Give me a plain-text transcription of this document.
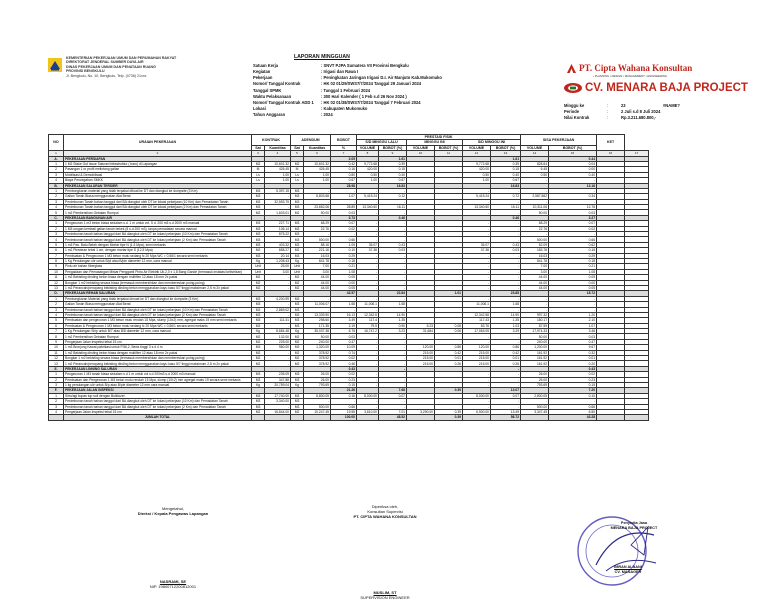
KEMENTERIAN PEKERJAAN UMUM DAN PERUMAHAN RAKYAT
DIREKTORAT JENDERAL SUMBER DAYA AIR
DINAS PEKERJAAN UMUM DAN PENATAAN RUANG
PROVINSI BENGKULU
Jl. Bengkulu, No. 10, Bengkulu, Telp. (0736) 21xxx
LAPORAN MINGGUAN
Satuan Kerja	: SNVT PJPA Sumatera VII Provinsi Bengkulu
Kegiatan	: Irigasi dan Rawa I
Pekerjaan	: Peningkatan Jaringan Irigasi D.I. Air Manjuto Kab.Mukomuko
Nomor/ Tanggal Kontrak	: HK 02 01/29/SWS7/7/2024 Tanggal 29 Januari 2024
Tanggal SPMK	: Tanggal 1 Februari 2024
Waktu Pelaksanaan	: 300 Hari Kalender ( 1 Feb s.d 26 Nov 2024 )
Nomor/ Tanggal Kontrak ADD 1	: HK 02 01/38/SWS7/7/2024 Tanggal 7 Februari 2024
Lokasi	: Kabupaten Mukomuko
Tahun Anggaran	: 2024
PT. Cipta Wahana Konsultan
• PLANNING • DESIGN • MANAGEMENT • ENGINEERING
CV. MENARA BAJA PROJECT
Minggu ke	:	23	#NAME?
Periode	:	2 Juli s.d 8 Juli 2024
Nilai Kontrak	:	Rp.3.211.680.800,-
NO	URAIAN PEKERJAAN	KONTRAK		ADENDUM		BOBOT	PRESTASI FISIK						SISA PEKERJAAN		KET	
							S/D MINGGU LALU		MINGGU INI		S/D MINGGU INI					
		Sat	Kuantitas	Sat	Kuantitas	%	VOLUME	BOBOT (%)	VOLUME	BOBOT (%)	VOLUME	BOBOT (%)	VOLUME	BOBOT (%)		
1	2	3	4	5	6	7	8	9	10	11	12	13	14	15	16	17
A.	PEKERJAAN PERSIAPAN					2.05		1.61				1.61		0.44		
1	1 M2 Stake Out Issue Saluran/Infrastruktur ( baru) di Lapangan	M2	10,601.32	M2	10,601.32	0.42	9,772.68	0.39			9,772.68	0.39	828.64	0.04		
2	Pasangan 1 m profil melintang galian	M	426.45	M	426.45	0.16	420.00	0.15			420.00	0.15	6.45	0.00		
3	Mobilisasi & Demobilisasi	Ls	1.00	Ls	1.00	0.80	0.50	0.40			0.50	0.40	0.50	0.40		
4	Biaya Pencegahan SMKK	Ls	1.00	Ls	1.00	0.67	1.00	0.67			1.00	0.67	-	-		
B.	PEKERJAAN SALURAN TERSIER					28.98		16.83				16.83		13.16		
1	Pembongkaran material yang tidak terpakai dibuat ke DT dan diangkut ke dumpsite (3 Km)	M3	5,397.15	M3	-	-	-	-			-	-	-	-		
2	Galian Tanah Biasa menggunakan Alat Berat	M3	-	M3	8,803.68	1.07	5,415.24	0.12			5,415.24	0.72	2,587,562	0.34		
3	Penimbunan Tanah bahan tanggul dari BA diangkut oleh DT ke lokasi pekerjaan (10 Km) dan Pemadatan Tanah	M3	32,553.79	M3	-	-	-	-			-	-	-	-		
4	Penimbunan Tanah bahan tanggul dari BA diangkut oleh DT ke lokasi pekerjaan (2 Km) dan Pemadatan Tanah	M3	-	M3	23,652.06	28.89	13,340.60	16.11			13,340.60	16.11	10,311.06	12.76		
5	1 m2 Pembersihan Gebalan Rumput	M2	1,603.01	M2	50.00	0.03	-	-			-	-	50.00	0.03		
C.	PEKERJAAN BANGUNAN AIR					3.73		0.46				0.46		3.27		
1	Pengecoran 1 m3 beton biasa sedalam s.d. 1 m untuk vol. 5 d. 200 m3 s.d 2000 m3 manual	M3	227.71	M3	68.29	0.07	-	-			-	-	68.29	0.07		
2	1 M3 urugan kembali galian tanah bekek (8 s.d 200 m3), tanpa pemadatan secara manual	M3	106.14	M3	22.76	0.02	-	-			-	-	22.76	0.02		
3	Penimbunan tanah bahan tanggul dari BA diangkut oleh DT ke lokasi pekerjaan (10 Km) dan Pemadatan Tanah	M3	875.22	M3	-	-	-	-			-	-	-	-		
4	Penimbunan tanah bahan tanggul dari BA diangkut oleh DT ke lokasi pekerjaan (2 Km) dan Pemadatan Tanah	M3	-	M3	500.00	0.66	-	-			-	-	500.00	0.66		
5	1 m3 Pas. Batu Belah dengan Mortar tipe N (1:3 Mpa), semi mekanis	M3	403.32	M3	88.16	1.05	36.07	0.43			36.07	0.43	52.09	0.62		
6	1 m2 Plesteran tebal 1 cm, dengan mortar tipe S (12,5 Mpa)	M2	858.27	M2	221.16	0.10	37.38	0.03			37.38	0.03	183.78	0.16		
7	Pembuatan & Pengecoran 1 M3 beton mutu sedang fc 20 Mpa WC = 0,56/1 secara semi mekanis	M3	20.14	M3	16.03	0.29	-	-			-	-	16.03	0.29		
8	1 Kg Penulangan ulir untuk B/pl atau B/ple diameter 12 mm, cara manual	Kg	1,208.43	Kg	841.78	0.18	-	-			-	-	841.78	0.18		
9	Pintu air bahan fiberglass	Unit	25.00	Unit	7.00	0.21	-	-			-	-	7.00	0.21		
10	Pengadaan dan Pemasangan Mistar Pengganti Pintu Air Elektrik Uk.2,0 x 1,8 Bang Gande (termasuk instalasi kelistrikan)	Unit	3.00	Unit	3.00	1.08	-	-			-	-	3.00	1.08		
11	1 m2 Bekisting dinding beton biasa dengan multiflex 12 atau 18 mm 2x pakai	M2	-	M2	44.00	0.05	-	-			-	-	44.00	0.05		
12	Bongkar 1 m2 bekisting secara biasa (termasuk membersihkan dan membereskan puing-puing)	M2	-	M2	44.00	0.00	-	-			-	-	44.00	0.00		
13	1 m2 Perancah/penopang bekisting dinding beton menggunakan kayu kaso 5/7 tinggi maksimum 2,5 m 2x pakai	M2	-	M2	44.00	0.05	-	-			-	-	44.00	0.05		
D.	PEKERJAAN REHAB SALURAN					42.57		22.84		1.01		23.85		18.72		
1	Pembongkaran Material yang tidak terpakai dimuat ke DT dan diangkut ke dumpsite (3 Km)	M3	4,200.99	M3	-	-	-	-			-	-	-	-		
2	Galian Tanah Biasa menggunakan Alat Berat	M3	-	M3	11,006.07	1.68	11,006.1	1.68			11,006.1	1.68	-	-		
3	Penimbunan tanah bahan tanggul dari BA diangkut oleh DT ke lokasi pekerjaan (10 Km) dan Pemadatan Tanah	M3	2,869.02	M3	-	-	-	-			-	-	-	-		
4	Penimbunan tanah bahan tanggul dari BA diangkut oleh DT ke lokasi pekerjaan (2 Km) dan Pemadatan Tanah	M3	-	M3	13,339.90	16.13	12,342.6	14.90			12,342.58	14.90	997.32	1.20		
5	Pembuatan dan pengecoran 1 M3 beton mutu rendah 15 Mpa, slump (10±2) mm, agregat maks 19 mm semi mekanis	M3	111.41	M3	298.60	3.49	117.4	1.35			117.43	1.35	180.17	2.10		
6	Pembuatan & Pengecoran 1 M3 beton mutu sedang fc 20 Mpa WC = 0,56/1 secara semi mekanis	M3	-	M3	171.35	2.19	79.5	0.90	5.23	0.08	83.76	1.03	87.59	1.07		
7	1 Kg Penulangan Sirip untuk B/7 atau B/8 diameter 12 mm, cara manual	Kg	8,684.48	Kg	35,037.38	6.75	16,747.2	3.23	31,684	0.06	17,063.05	3.29	17,974.33	3.46		
8	1 m2 Pembersihan Gebalan Rumput	M2	132.00	M2	50.00	0.03	-	-			-	-	50.00	0.03		
9	Pengerjaan Jalan Inspeksi tebal 15 cm	M2	225.00	M2	240.00	0.47	-	-			-	-	240.00	0.47		
10	1 m3 Bronjong Kawat pabrikasi untuk P.56,2, Beda tinggi 3 s.d 4 m	M3	960.00	M3	1,320.00	10.09	-	-	120.00	0.86	120.00	0.86	1,200.00	9.67		
11	1 m2 Bekisting dinding beton biasa dengan multiflex 12 atau 18 mm 2x pakai	M2	-	M2	378.92	0.74	-	-	215.00	0.42	215.00	0.42	161.92	0.32		
12	Bongkar 1 m2 bekisting secara biasa (termasuk membersihkan dan membereskan puing-puing)	M2	-	M2	378.92	0.02	-	-	215.00	0.01	215.00	0.01	161.92	0.01		
13	1 m2 Perancah/penopang bekisting dinding beton menggunakan kayu kaso 5/7 tinggi maksimum 2,5 m 2x pakai	M2	-	M2	378.92	0.46	-	-	215.00	0.26	215.00	0.26	161.92	0.20		
E.	PEKERJAAN LINNING SALURAN					0.43		-				-		0.43		
1	Pengecoran 1 M3 tanah biasa sedalam s.d 1 m untuk vol s.d 200m3 s.d 2000 m3 manual	M3	235.09	M3	26.00	0.02	-	-			-	-	26.00	0.02		
2	Pembuatan dan Pengecoran 1 M3 beton mutu rendah 15 Mpa, slump (10±2) mm agregat maks 19 secara semi mekanis	M3	347.88	M3	26.00	0.23	-	-			-	-	26.00	0.23		
3	1 kg penulangan ulir untuk B/p atau B/ple diameter 12 mm cara manual	Kg	20,759.04	Kg	793.69	0.15	-	-			-	-	793.69	0.15		
F.	PEKERJAAN JALAN INSPEKSI					21.26		7.68		0.39		13.07		7.20		
1	Sirtu/agi kupas tup soil dengan Bulldozer	M3	17,740.00	M3	8,800.05	0.16	8,000.00	0.07			8,000.00	0.07	2,800.05	0.10		
2	Penimbunan tanah bahan tanggul dari BA diangkut oleh DT ke lokasi pekerjaan (10 Km) dan Pemadatan Tanah	M3	3,340.00	M3	-	-	-	-			-	-	-	-		
3	Penimbunan tanah bahan tanggul dari BA diangkut oleh DT ke lokasi pekerjaan (2 Km) dan Pemadatan Tanah	M3	-	M3	500.00	0.66	-	-			-	-	500.00	0.66		
4	Pengerjaan Jalan Inspeksi tebal 15 cm	M2	16,844.00	M2	10,247.45	19.55	3,610.00	7.01	3,290.00	0.39	6,900.00	13.49	3,347.45	6.50		
	JUMLAH TOTAL					100.00		48.52		0.39		56.72		43.28		
Mengetahui,
Direksi / Kepala Pengawas Lapangan
NASRAMI, SE
NIP. 19800712200812001
Diperiksa oleh,
Konsultan Supervisi
PT. CIPTA WAHANA KONSULTAN
MUSLIM, ST
SUPERVISION ENGINEER
Penyedia Jasa
MENARA BAJA PROJECT
IMRAN ALBANI
CV. MANAGER
